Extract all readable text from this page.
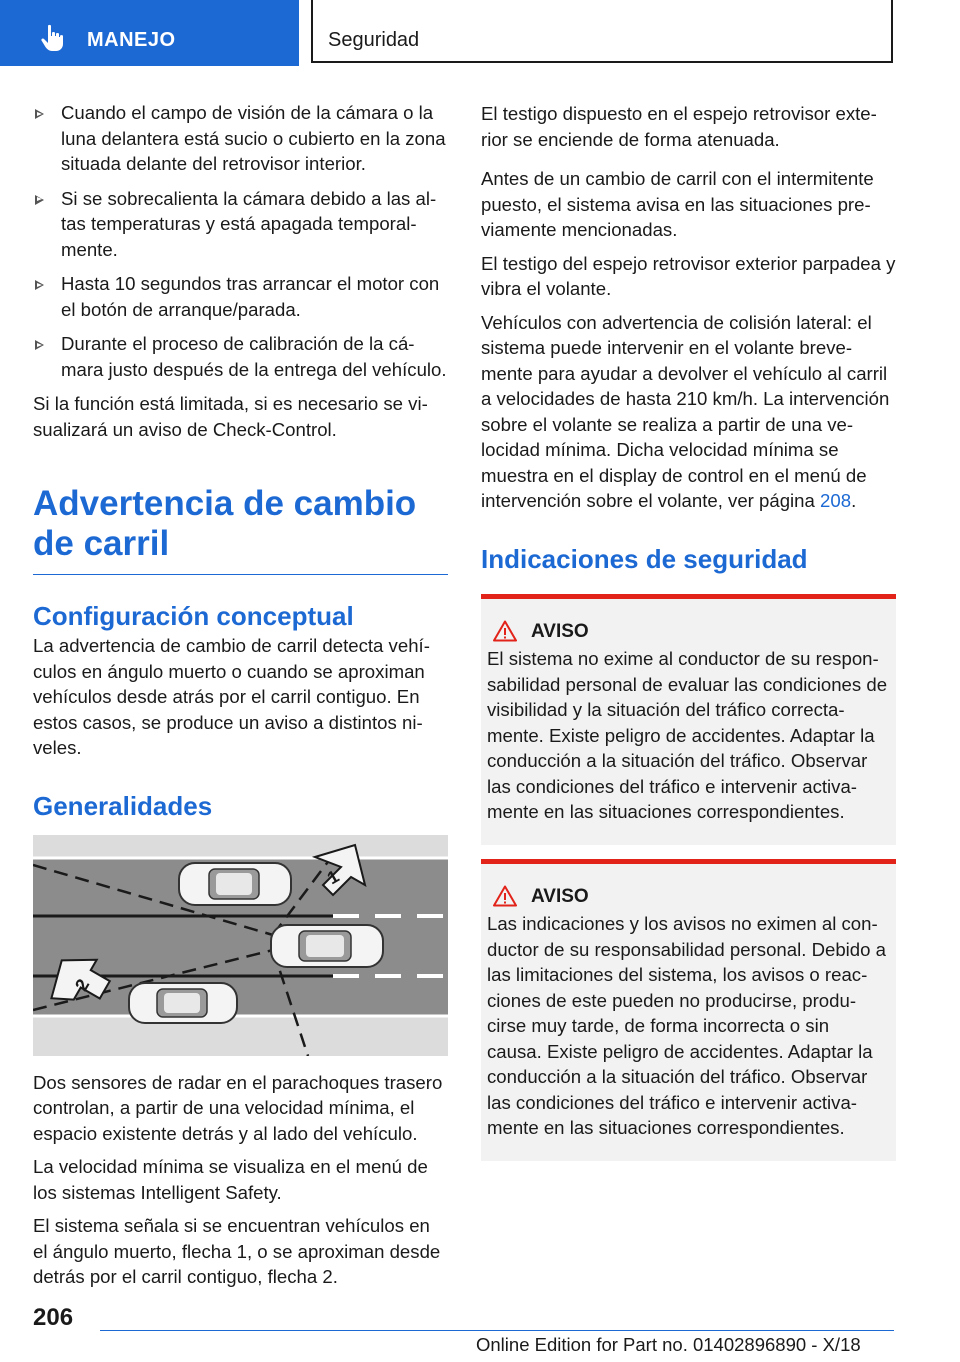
MANEJO	Seguridad
Cuando el campo de visión de la cámara o la luna delantera está sucio o cubierto en la zona situada delante del retrovisor interior.
Si se sobrecalienta la cámara debido a las altas temperaturas y está apagada temporalmente.
Hasta 10 segundos tras arrancar el motor con el botón de arranque/parada.
Durante el proceso de calibración de la cámara justo después de la entrega del vehículo.

Si la función está limitada, si es necesario se visualizará un aviso de Check-Control.

Advertencia de cambio de carril
Configuración conceptual

La advertencia de cambio de carril detecta vehículos en ángulo muerto o cuando se aproximan vehículos desde atrás por el carril contiguo. En estos casos, se produce un aviso a distintos niveles.

Generalidades
1
2

Dos sensores de radar en el parachoques trasero controlan, a partir de una velocidad mínima, el espacio existente detrás y al lado del vehículo.

La velocidad mínima se visualiza en el menú de los sistemas Intelligent Safety.

El sistema señala si se encuentran vehículos en el ángulo muerto, flecha 1, o se aproximan desde detrás por el carril contiguo, flecha 2.

El testigo dispuesto en el espejo retrovisor exterior se enciende de forma atenuada.

Antes de un cambio de carril con el intermitente puesto, el sistema avisa en las situaciones previamente mencionadas.

El testigo del espejo retrovisor exterior parpadea y vibra el volante.

Vehículos con advertencia de colisión lateral: el sistema puede intervenir en el volante brevemente para ayudar a devolver el vehículo al carril a velocidades de hasta 210 km/h. La intervención sobre el volante se realiza a partir de una velocidad mínima. Dicha velocidad mínima se muestra en el display de control en el menú de intervención sobre el volante, ver página 208.

Indicaciones de seguridad
AVISO
El sistema no exime al conductor de su responsabilidad personal de evaluar las condiciones de visibilidad y la situación del tráfico correctamente. Existe peligro de accidentes. Adaptar la conducción a la situación del tráfico. Observar las condiciones del tráfico e intervenir activamente en las situaciones correspondientes.
AVISO
Las indicaciones y los avisos no eximen al conductor de su responsabilidad personal. Debido a las limitaciones del sistema, los avisos o reacciones de este pueden no producirse, producirse muy tarde, de forma incorrecta o sin causa. Existe peligro de accidentes. Adaptar la conducción a la situación del tráfico. Observar las condiciones del tráfico e intervenir activamente en las situaciones correspondientes.
206
Online Edition for Part no. 01402896890 - X/18
